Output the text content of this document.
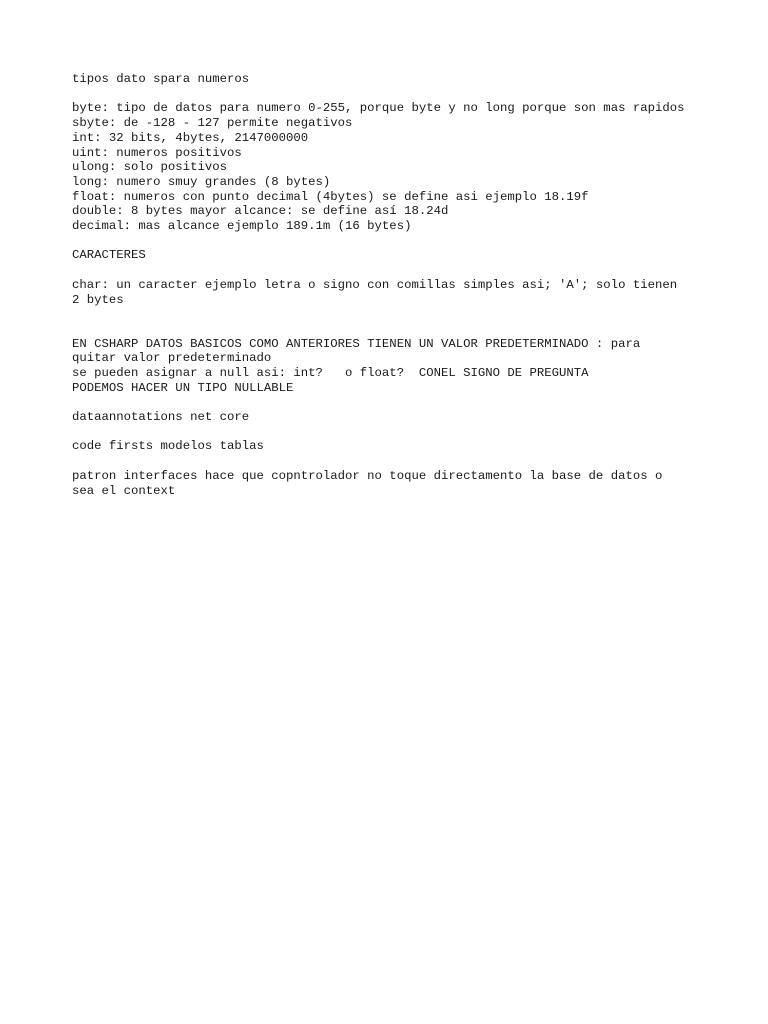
tipos dato spara numeros
byte: tipo de datos para numero 0-255, porque byte y no long porque son mas rapidos
sbyte: de -128 - 127 permite negativos
int: 32 bits, 4bytes, 2147000000
uint: numeros positivos
ulong: solo positivos
long: numero smuy grandes (8 bytes)
float: numeros con punto decimal (4bytes) se define asi ejemplo 18.19f
double: 8 bytes mayor alcance: se define así 18.24d
decimal: mas alcance ejemplo 189.1m (16 bytes)
CARACTERES
char: un caracter ejemplo letra o signo con comillas simples asi; 'A'; solo tienen
2 bytes
EN CSHARP DATOS BASICOS COMO ANTERIORES TIENEN UN VALOR PREDETERMINADO : para
quitar valor predeterminado
se pueden asignar a null asi: int?   o float?  CONEL SIGNO DE PREGUNTA
PODEMOS HACER UN TIPO NULLABLE
dataannotations net core
code firsts modelos tablas
patron interfaces hace que copntrolador no toque directamento la base de datos o
sea el context
